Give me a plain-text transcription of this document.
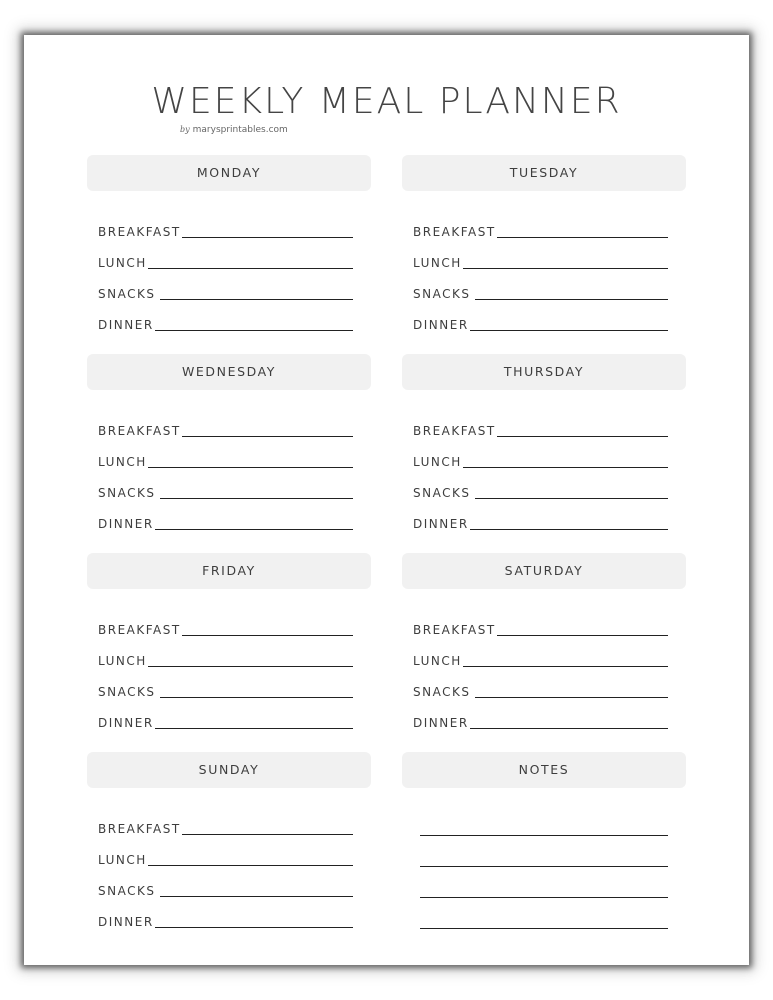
WEEKLY MEAL PLANNER
by marysprintables.com
MONDAY
BREAKFAST
LUNCH
SNACKS
DINNER
TUESDAY
BREAKFAST
LUNCH
SNACKS
DINNER
WEDNESDAY
BREAKFAST
LUNCH
SNACKS
DINNER
THURSDAY
BREAKFAST
LUNCH
SNACKS
DINNER
FRIDAY
BREAKFAST
LUNCH
SNACKS
DINNER
SATURDAY
BREAKFAST
LUNCH
SNACKS
DINNER
SUNDAY
BREAKFAST
LUNCH
SNACKS
DINNER
NOTES
